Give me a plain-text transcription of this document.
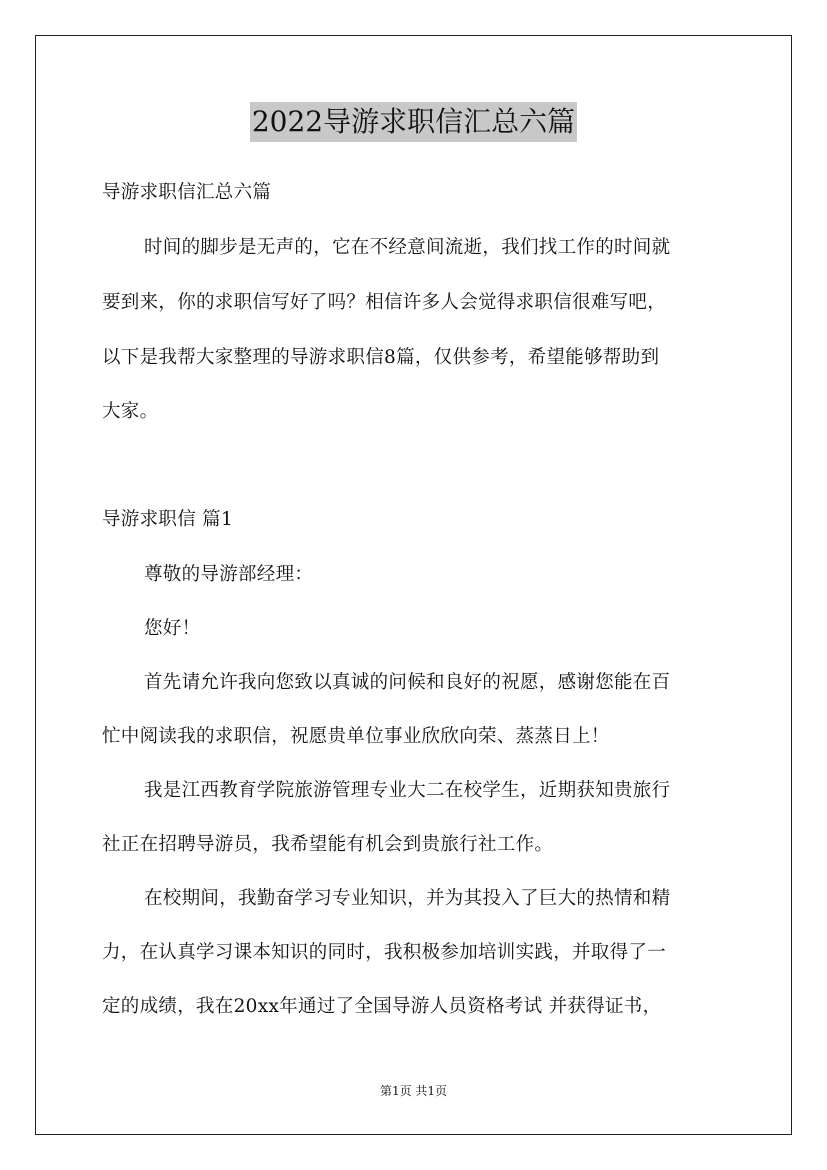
2022导游求职信汇总六篇
导游求职信汇总六篇
时间的脚步是无声的，它在不经意间流逝，我们找工作的时间就
要到来，你的求职信写好了吗？相信许多人会觉得求职信很难写吧，
以下是我帮大家整理的导游求职信8篇，仅供参考，希望能够帮助到
大家。
导游求职信 篇1
尊敬的导游部经理：
您好！
首先请允许我向您致以真诚的问候和良好的祝愿，感谢您能在百
忙中阅读我的求职信，祝愿贵单位事业欣欣向荣、蒸蒸日上！
我是江西教育学院旅游管理专业大二在校学生，近期获知贵旅行
社正在招聘导游员，我希望能有机会到贵旅行社工作。
在校期间，我勤奋学习专业知识，并为其投入了巨大的热情和精
力，在认真学习课本知识的同时，我积极参加培训实践，并取得了一
定的成绩，我在20xx年通过了全国导游人员资格考试 并获得证书，
第1页 共1页
